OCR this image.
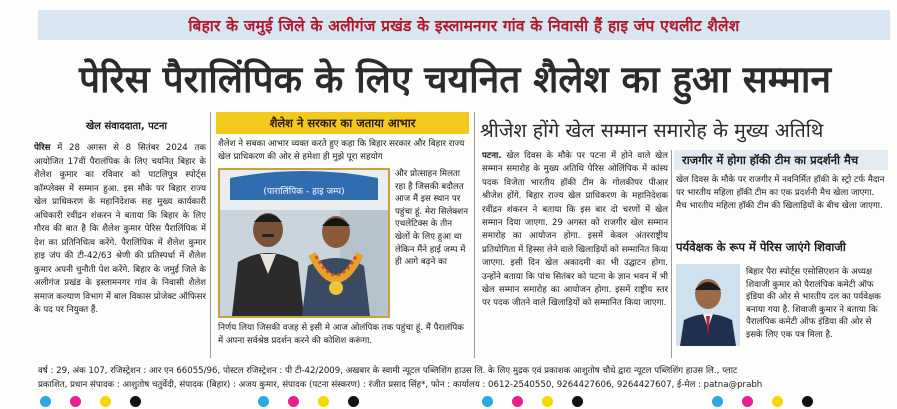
बिहार के जमुई जिले के अलीगंज प्रखंड के इस्लामनगर गांव के निवासी हैं हाइ जंप एथलीट शैलेश
पेरिस पैरालिंपिक के लिए चयनित शैलेश का हुआ सम्मान
खेल संवाददाता, पटना
पेरिस में 28 अगस्त से 8 सितंबर 2024 तक आयोजित 17वीं पैरालंपिक के लिए चयनित बिहार के शैलेश कुमार का रविवार को पाटलिपुत्र स्पोर्ट्स कॉम्प्लेक्स में सम्मान हुआ. इस मौके पर बिहार राज्य खेल प्राधिकरण के महानिदेशक सह मुख्य कार्यकारी अधिकारी रवींद्रन शंकरन ने बताया कि बिहार के लिए गौरव की बात है कि शैलेश कुमार पेरिस पैरालिंपिक में देश का प्रतिनिधित्व करेंगे. पैरालिंपिक में शैलेश कुमार हाइ जंप की टी-42/63 श्रेणी की प्रतिस्पर्धा में शैलेश कुमार अपनी चुनौती पेश करेंगे. बिहार के जमुई जिले के अलीगंज प्रखंड के इस्लामनगर गांव के निवासी शैलेश समाज कल्याण विभाग में बाल विकास प्रोजेक्ट ऑफिसर के पद पर नियुक्त हैं.
शैलेश ने सरकार का जताया आभार
शैलेश ने सबका आभार व्यक्त करते हुए कहा कि बिहार सरकार और बिहार राज्य खेल प्राधिकरण की ओर से हमेशा ही मुझे पूरा सहयोग
(पारालिंपिक - हाइ जम्प)
और प्रोत्साहन मिलता रहा है जिसकी बदौलत आज मैं इस स्थान पर पहुंचा हूं. मेरा सिलेक्शन एथलेटिक्स के तीन खेलों के लिए हुआ था लेकिन मैंने हाई जम्प में ही आगे बढ़ने का
निर्णय लिया जिसकी वजह से इसी मे आज ओलंपिक तक पहुंचा हूं. मैं पैरालंपिक में अपना सर्वश्रेष्ठ प्रदर्शन करने की कोशिश करूंगा.
श्रीजेश होंगे खेल सम्मान समारोह के मुख्य अतिथि
पटना. खेल दिवस के मौके पर पटना में होने वाले खेल सम्मान समारोह के मुख्य अतिथि पेरिस ओलिंपिक में कांस्य पदक विजेता भारतीय हॉकी टीम के गोलकीपर पीआर श्रीजेश होंगे. बिहार राज्य खेल प्राधिकरण के महानिदेशक रवींद्रन शंकरन ने बताया कि इस बार दो चरणों में खेल सम्मान दिया जाएगा. 29 अगस्त को राजगीर खेल सम्मान समारोह का आयोजन होगा. इसमें केवल अंतरराष्ट्रीय प्रतियोगिता में हिस्सा लेने वाले खिलाड़ियों को सम्मानित किया जाएगा. इसी दिन खेल अकादमी का भी उद्घाटन होगा. उन्होंने बताया कि पांच सितंबर को पटना के ज्ञान भवन में भी खेल सम्मान समारोह का आयोजन होगा. इसमें राष्ट्रीय स्तर पर पदक जीतने वाले खिलाड़ियों को सम्मानित किया जाएगा.
राजगीर में होगा हॉकी टीम का प्रदर्शनी मैच
खेल दिवस के मौके पर राजगीर में नवनिर्मित हॉकी के स्ट्रो टर्फ मैदान पर भारतीय महिला हॉकी टीम का एक प्रदर्शनी मैच खेला जाएगा. मैच भारतीय महिला हॉकी टीम की खिलाड़ियों के बीच खेला जाएगा.
पर्यवेक्षक के रूप में पेरिस जाएंगे शिवाजी
बिहार पैरा स्पोर्ट्स एसोसिएशन के अध्यक्ष शिवाजी कुमार को पैरालंपिक कमेटी ऑफ इंडिया की ओर से भारतीय दल का पर्यवेक्षक बनाया गया है. शिवाजी कुमार ने बताया कि पैरालंपिक कमेटी ऑफ इंडिया की ओर से इसके लिए एक पत्र मिला है.
वर्ष : 29, अंक 107, रजिस्ट्रेशन : आर एन 66055/96, पोस्टल रजिस्ट्रेशन : पी टी-42/2009, अखबार के स्वामी न्यूटल पब्लिशिंग हाउस लि. के लिए मुद्रक एवं प्रकाशक आशुतोष चौधे द्वारा न्यूटल पब्लिशिंग हाउस लि., प्लाट
प्रकाशित, प्रधान संपादक : आशुतोष चतुर्वेदी, संपादक (बिहार) : अजय कुमार, संपादक (पटना संस्करण) : रंजीत प्रसाद सिंह*, फोन : कार्यालय : 0612-2540550, 9264427606, 9264427607, ई-मेल : patna@prabh
